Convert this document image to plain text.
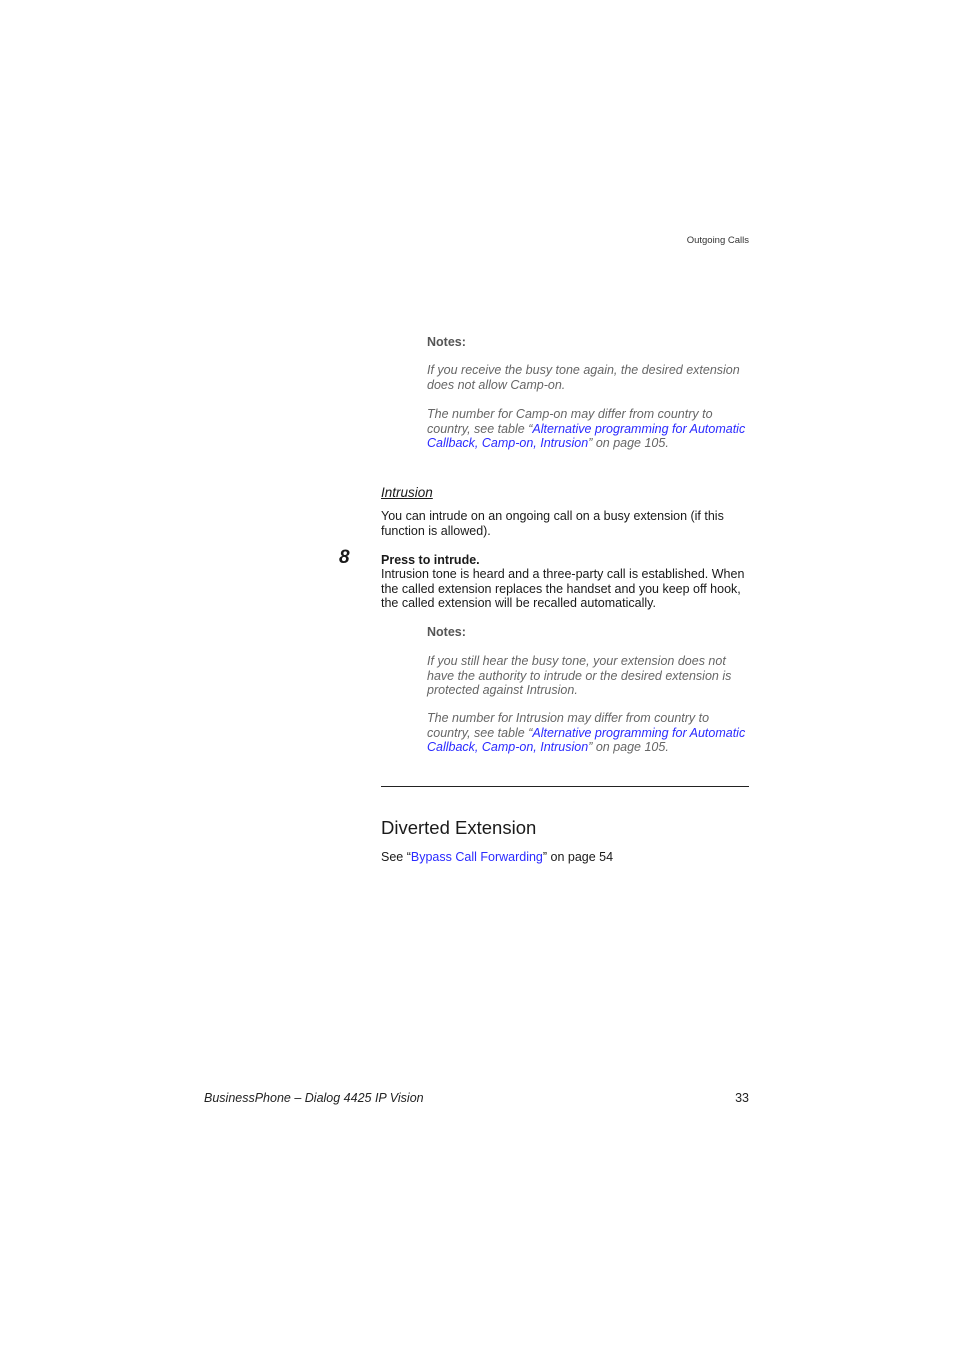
Outgoing Calls
Notes:
If you receive the busy tone again, the desired extension does not allow Camp-on.
The number for Camp-on may differ from country to country, see table “Alternative programming for Automatic Callback, Camp-on, Intrusion” on page 105.
Intrusion
You can intrude on an ongoing call on a busy extension (if this function is allowed).
8	Press to intrude.
Intrusion tone is heard and a three-party call is established. When the called extension replaces the handset and you keep off hook, the called extension will be recalled automatically.
Notes:
If you still hear the busy tone, your extension does not have the authority to intrude or the desired extension is protected against Intrusion.
The number for Intrusion may differ from country to country, see table “Alternative programming for Automatic Callback, Camp-on, Intrusion” on page 105.
Diverted Extension
See “Bypass Call Forwarding” on page 54
BusinessPhone – Dialog 4425 IP Vision	33
